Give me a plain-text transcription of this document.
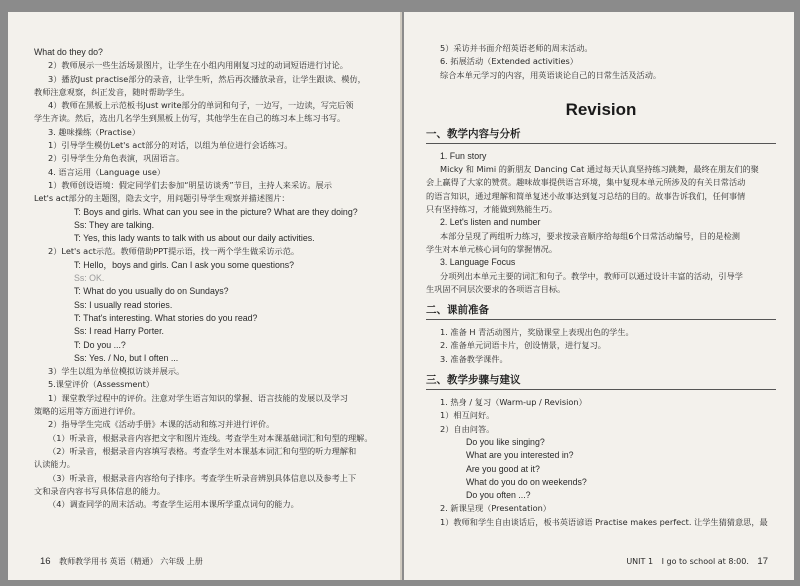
What do they do?
2）教师展示一些生活场景图片，让学生在小组内用刚复习过的动词短语进行讨论。
3）播放Just practise部分的录音，让学生听，然后再次播放录音，让学生跟读、模仿，
教师注意观察，纠正发音，随时帮助学生。
4）教师在黑板上示范板书Just write部分的单词和句子，一边写，一边读，写完后领
学生齐读。然后，选出几名学生到黑板上仿写，其他学生在自己的练习本上练习书写。
3. 趣味操练（Practise）
1）引导学生模仿Let's act部分的对话，以组为单位进行会话练习。
2）引导学生分角色表演，巩固语言。
4. 语言运用（Language use）
1）教师创设语境：假定同学们去参加“明星访谈秀”节目，主持人来采访。展示
Let's act部分的主题图，隐去文字，用问题引导学生观察并描述图片：
T: Boys and girls. What can you see in the picture? What are they doing?
Ss: They are talking.
T: Yes, this lady wants to talk with us about our daily activities.
2）Let's act示范。教师借助PPT提示语，找一两个学生做采访示范。
T: Hello，boys and girls. Can I ask you some questions?
Ss: OK.
T: What do you usually do on Sundays?
Ss: I usually read stories.
T: That's interesting. What stories do you read?
Ss: I read Harry Porter.
T: Do you ...?
Ss: Yes. / No, but I often ...
3）学生以组为单位模拟访谈并展示。
5.课堂评价（Assessment）
1）课堂教学过程中的评价。注意对学生语言知识的掌握、语言技能的发展以及学习
策略的运用等方面进行评价。
2）指导学生完成《活动手册》本课的活动和练习并进行评价。
（1）听录音，根据录音内容把文字和图片连线。考查学生对本课基础词汇和句型的理解。
（2）听录音，根据录音内容填写表格。考查学生对本课基本词汇和句型的听力理解和
认读能力。
（3）听录音，根据录音内容给句子排序。考查学生听录音辨别具体信息以及参考上下
文和录音内容书写具体信息的能力。
（4）调查同学的周末活动。考查学生运用本课所学重点词句的能力。
16 教师教学用书 英语（精通） 六年级 上册
5）采访并书面介绍英语老师的周末活动。
6. 拓展活动（Extended activities）
综合本单元学习的内容，用英语谈论自己的日常生活及活动。
Revision
一、教学内容与分析
1. Fun story
Micky 和 Mimi 的新朋友 Dancing Cat 通过每天认真坚持练习跳舞，最终在朋友们的聚
会上赢得了大家的赞赏。趣味故事提供语言环境，集中复现本单元所涉及的有关日常活动
的语言知识，通过理解和简单复述小故事达到复习总结的目的。故事告诉我们，任何事情
只有坚持练习，才能做到熟能生巧。
2. Let's listen and number
本部分呈现了两组听力练习，要求按录音顺序给每组6个日常活动编号，目的是检测
学生对本单元核心词句的掌握情况。
3. Language Focus
分项列出本单元主要的词汇和句子。教学中，教师可以通过设计丰富的活动，引导学
生巩固不同层次要求的各项语言目标。
二、课前准备
1. 准备 H 青活动图片，奖励课堂上表现出色的学生。
2. 准备单元词语卡片，创设情景，进行复习。
3. 准备教学课件。
三、教学步骤与建议
1. 热身 / 复习（Warm-up / Revision）
1）相互问好。
2）自由问答。
Do you like singing?
What are you interested in?
Are you good at it?
What do you do on weekends?
Do you often ...?
2. 新课呈现（Presentation）
1）教师和学生自由谈话后，板书英语谚语 Practise makes perfect. 让学生猜猜意思，最
UNIT 1 I go to school at 8:00. 17
